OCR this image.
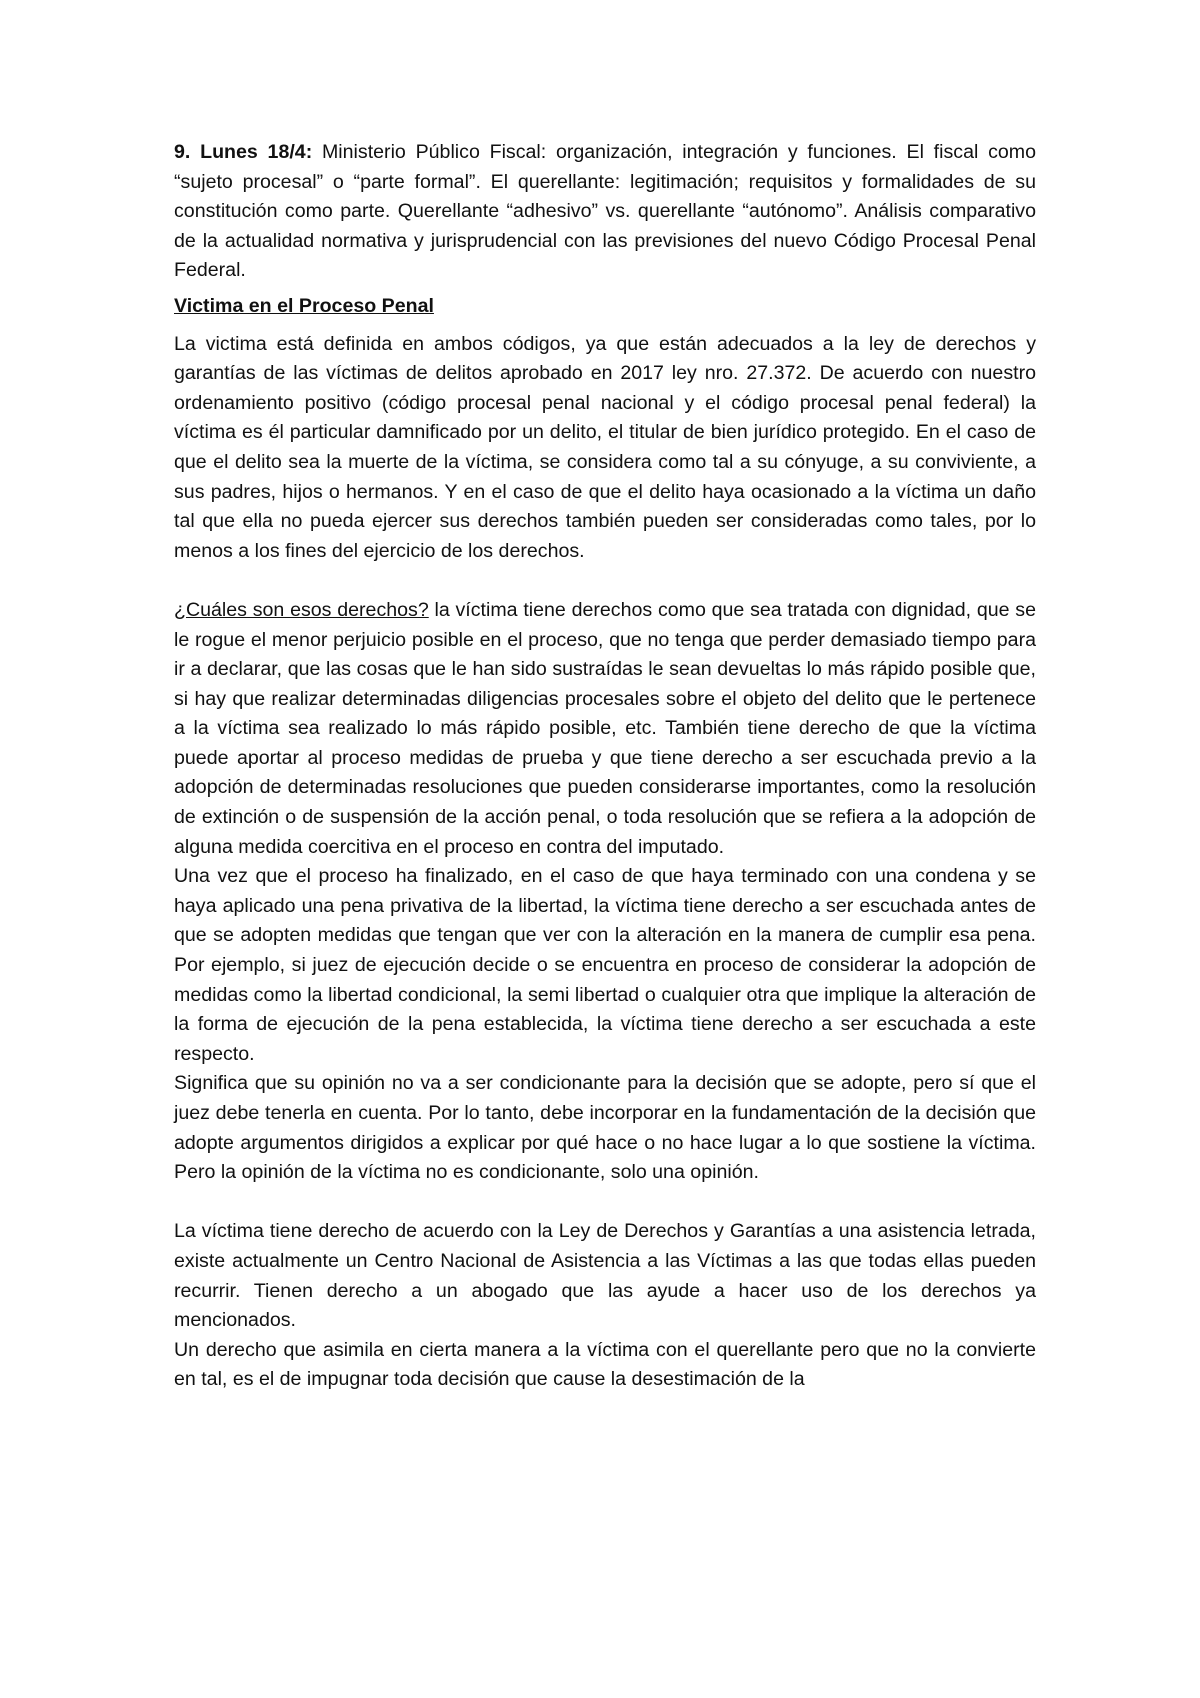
9. Lunes 18/4: Ministerio Público Fiscal: organización, integración y funciones. El fiscal como “sujeto procesal” o “parte formal”. El querellante: legitimación; requisitos y formalidades de su constitución como parte. Querellante “adhesivo” vs. querellante “autónomo”. Análisis comparativo de la actualidad normativa y jurisprudencial con las previsiones del nuevo Código Procesal Penal Federal.

Victima en el Proceso Penal

La victima está definida en ambos códigos, ya que están adecuados a la ley de derechos y garantías de las víctimas de delitos aprobado en 2017 ley nro. 27.372. De acuerdo con nuestro ordenamiento positivo (código procesal penal nacional y el código procesal penal federal) la víctima es él particular damnificado por un delito, el titular de bien jurídico protegido. En el caso de que el delito sea la muerte de la víctima, se considera como tal a su cónyuge, a su conviviente, a sus padres, hijos o hermanos. Y en el caso de que el delito haya ocasionado a la víctima un daño tal que ella no pueda ejercer sus derechos también pueden ser consideradas como tales, por lo menos a los fines del ejercicio de los derechos.

¿Cuáles son esos derechos? la víctima tiene derechos como que sea tratada con dignidad, que se le rogue el menor perjuicio posible en el proceso, que no tenga que perder demasiado tiempo para ir a declarar, que las cosas que le han sido sustraídas le sean devueltas lo más rápido posible que, si hay que realizar determinadas diligencias procesales sobre el objeto del delito que le pertenece a la víctima sea realizado lo más rápido posible, etc. También tiene derecho de que la víctima puede aportar al proceso medidas de prueba y que tiene derecho a ser escuchada previo a la adopción de determinadas resoluciones que pueden considerarse importantes, como la resolución de extinción o de suspensión de la acción penal, o toda resolución que se refiera a la adopción de alguna medida coercitiva en el proceso en contra del imputado.

Una vez que el proceso ha finalizado, en el caso de que haya terminado con una condena y se haya aplicado una pena privativa de la libertad, la víctima tiene derecho a ser escuchada antes de que se adopten medidas que tengan que ver con la alteración en la manera de cumplir esa pena. Por ejemplo, si juez de ejecución decide o se encuentra en proceso de considerar la adopción de medidas como la libertad condicional, la semi libertad o cualquier otra que implique la alteración de la forma de ejecución de la pena establecida, la víctima tiene derecho a ser escuchada a este respecto.

Significa que su opinión no va a ser condicionante para la decisión que se adopte, pero sí que el juez debe tenerla en cuenta. Por lo tanto, debe incorporar en la fundamentación de la decisión que adopte argumentos dirigidos a explicar por qué hace o no hace lugar a lo que sostiene la víctima. Pero la opinión de la víctima no es condicionante, solo una opinión.

La víctima tiene derecho de acuerdo con la Ley de Derechos y Garantías a una asistencia letrada, existe actualmente un Centro Nacional de Asistencia a las Víctimas a las que todas ellas pueden recurrir. Tienen derecho a un abogado que las ayude a hacer uso de los derechos ya mencionados.

Un derecho que asimila en cierta manera a la víctima con el querellante pero que no la convierte en tal, es el de impugnar toda decisión que cause la desestimación de la
